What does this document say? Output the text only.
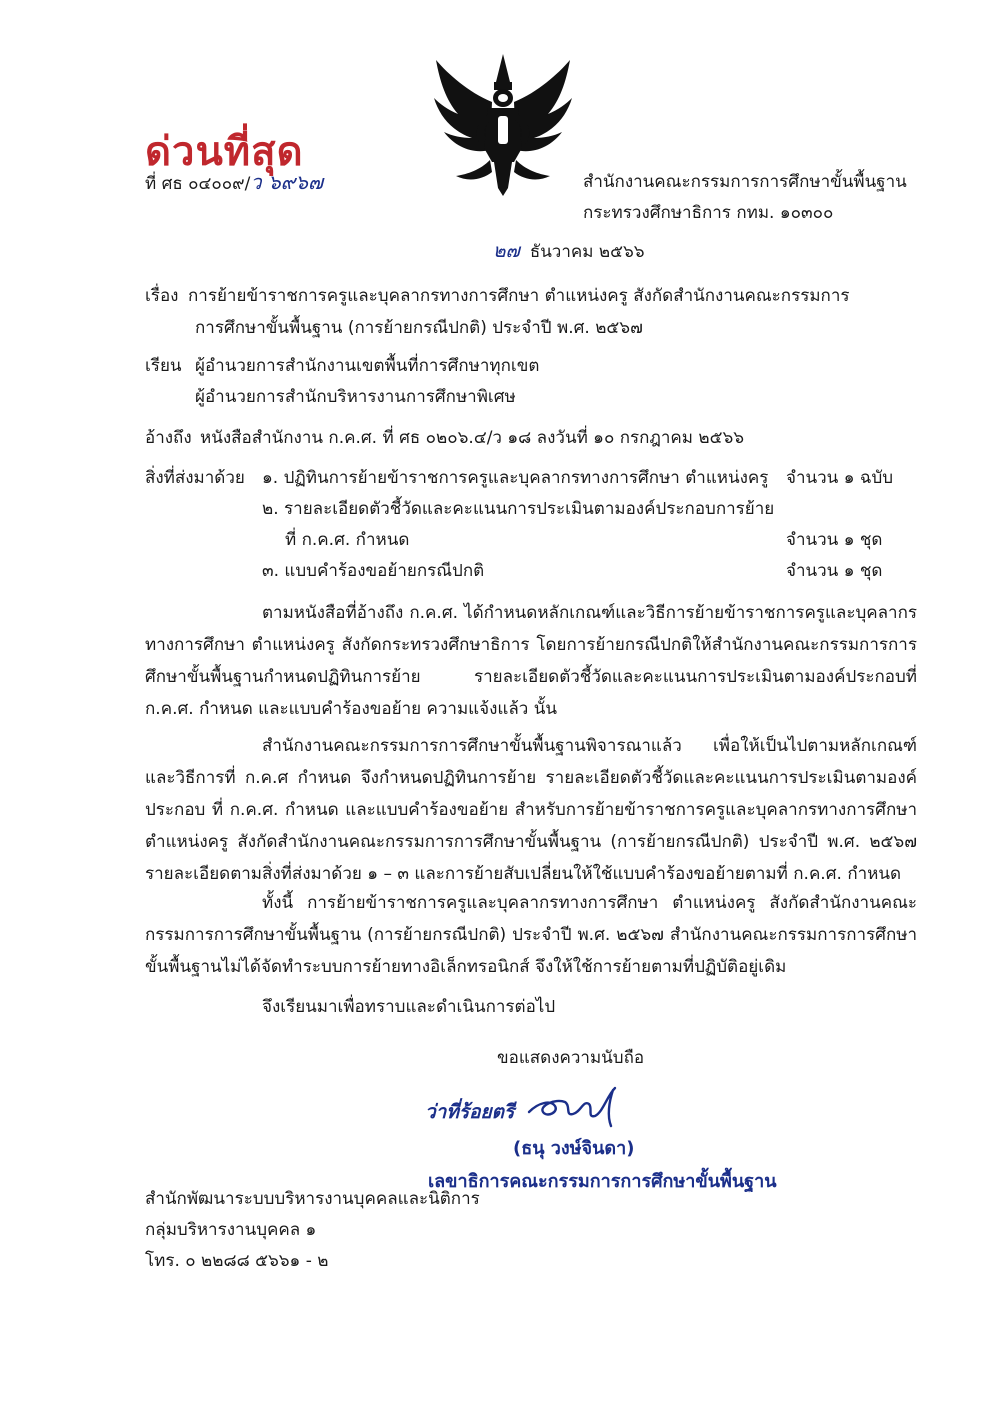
ด่วนที่สุด
ที่ ศธ ๐๔๐๐๙/ว ๖๙๖๗	สำนักงานคณะกรรมการการศึกษาขั้นพื้นฐาน
กระทรวงศึกษาธิการ กทม. ๑๐๓๐๐
๒๗ ธันวาคม ๒๕๖๖
เรื่อง การย้ายข้าราชการครูและบุคลากรทางการศึกษา ตำแหน่งครู สังกัดสำนักงานคณะกรรมการ
การศึกษาขั้นพื้นฐาน (การย้ายกรณีปกติ) ประจำปี พ.ศ. ๒๕๖๗
เรียน ผู้อำนวยการสำนักงานเขตพื้นที่การศึกษาทุกเขต
ผู้อำนวยการสำนักบริหารงานการศึกษาพิเศษ
อ้างถึง หนังสือสำนักงาน ก.ค.ศ. ที่ ศธ ๐๒๐๖.๔/ว ๑๘ ลงวันที่ ๑๐ กรกฎาคม ๒๕๖๖
สิ่งที่ส่งมาด้วย ๑. ปฏิทินการย้ายข้าราชการครูและบุคลากรทางการศึกษา ตำแหน่งครู จำนวน ๑ ฉบับ
๒. รายละเอียดตัวชี้วัดและคะแนนการประเมินตามองค์ประกอบการย้าย
ที่ ก.ค.ศ. กำหนด	จำนวน ๑ ชุด
๓. แบบคำร้องขอย้ายกรณีปกติ	จำนวน ๑ ชุด
ตามหนังสือที่อ้างถึง ก.ค.ศ. ได้กำหนดหลักเกณฑ์และวิธีการย้ายข้าราชการครูและบุคลากรทางการศึกษา ตำแหน่งครู สังกัดกระทรวงศึกษาธิการ โดยการย้ายกรณีปกติให้สำนักงานคณะกรรมการการศึกษาขั้นพื้นฐานกำหนดปฏิทินการย้าย รายละเอียดตัวชี้วัดและคะแนนการประเมินตามองค์ประกอบที่ ก.ค.ศ. กำหนด และแบบคำร้องขอย้าย ความแจ้งแล้ว นั้น
สำนักงานคณะกรรมการการศึกษาขั้นพื้นฐานพิจารณาแล้ว เพื่อให้เป็นไปตามหลักเกณฑ์และวิธีการที่ ก.ค.ศ กำหนด จึงกำหนดปฏิทินการย้าย รายละเอียดตัวชี้วัดและคะแนนการประเมินตามองค์ประกอบ ที่ ก.ค.ศ. กำหนด และแบบคำร้องขอย้าย สำหรับการย้ายข้าราชการครูและบุคลากรทางการศึกษา ตำแหน่งครู สังกัดสำนักงานคณะกรรมการการศึกษาขั้นพื้นฐาน (การย้ายกรณีปกติ) ประจำปี พ.ศ. ๒๕๖๗ รายละเอียดตามสิ่งที่ส่งมาด้วย ๑ – ๓ และการย้ายสับเปลี่ยนให้ใช้แบบคำร้องขอย้ายตามที่ ก.ค.ศ. กำหนด
ทั้งนี้ การย้ายข้าราชการครูและบุคลากรทางการศึกษา ตำแหน่งครู สังกัดสำนักงานคณะกรรมการการศึกษาขั้นพื้นฐาน (การย้ายกรณีปกติ) ประจำปี พ.ศ. ๒๕๖๗ สำนักงานคณะกรรมการการศึกษาขั้นพื้นฐานไม่ได้จัดทำระบบการย้ายทางอิเล็กทรอนิกส์ จึงให้ใช้การย้ายตามที่ปฏิบัติอยู่เดิม
จึงเรียนมาเพื่อทราบและดำเนินการต่อไป
ขอแสดงความนับถือ
ว่าที่ร้อยตรี
(ธนุ วงษ์จินดา)
เลขาธิการคณะกรรมการการศึกษาขั้นพื้นฐาน
สำนักพัฒนาระบบบริหารงานบุคคลและนิติการ
กลุ่มบริหารงานบุคคล ๑
โทร. ๐ ๒๒๘๘ ๕๖๖๑ - ๒
